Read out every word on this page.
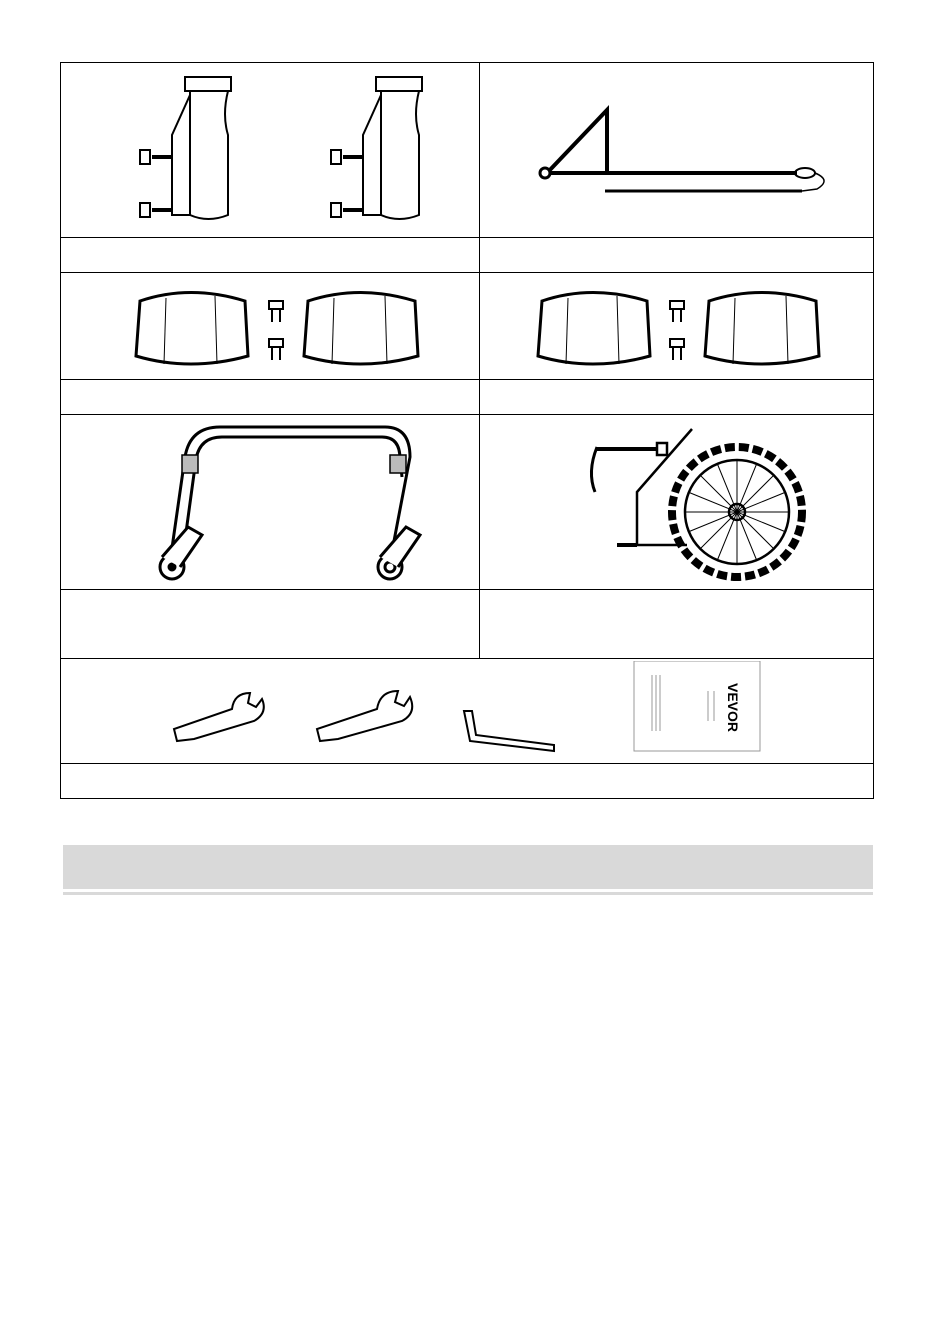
VEVOR	
